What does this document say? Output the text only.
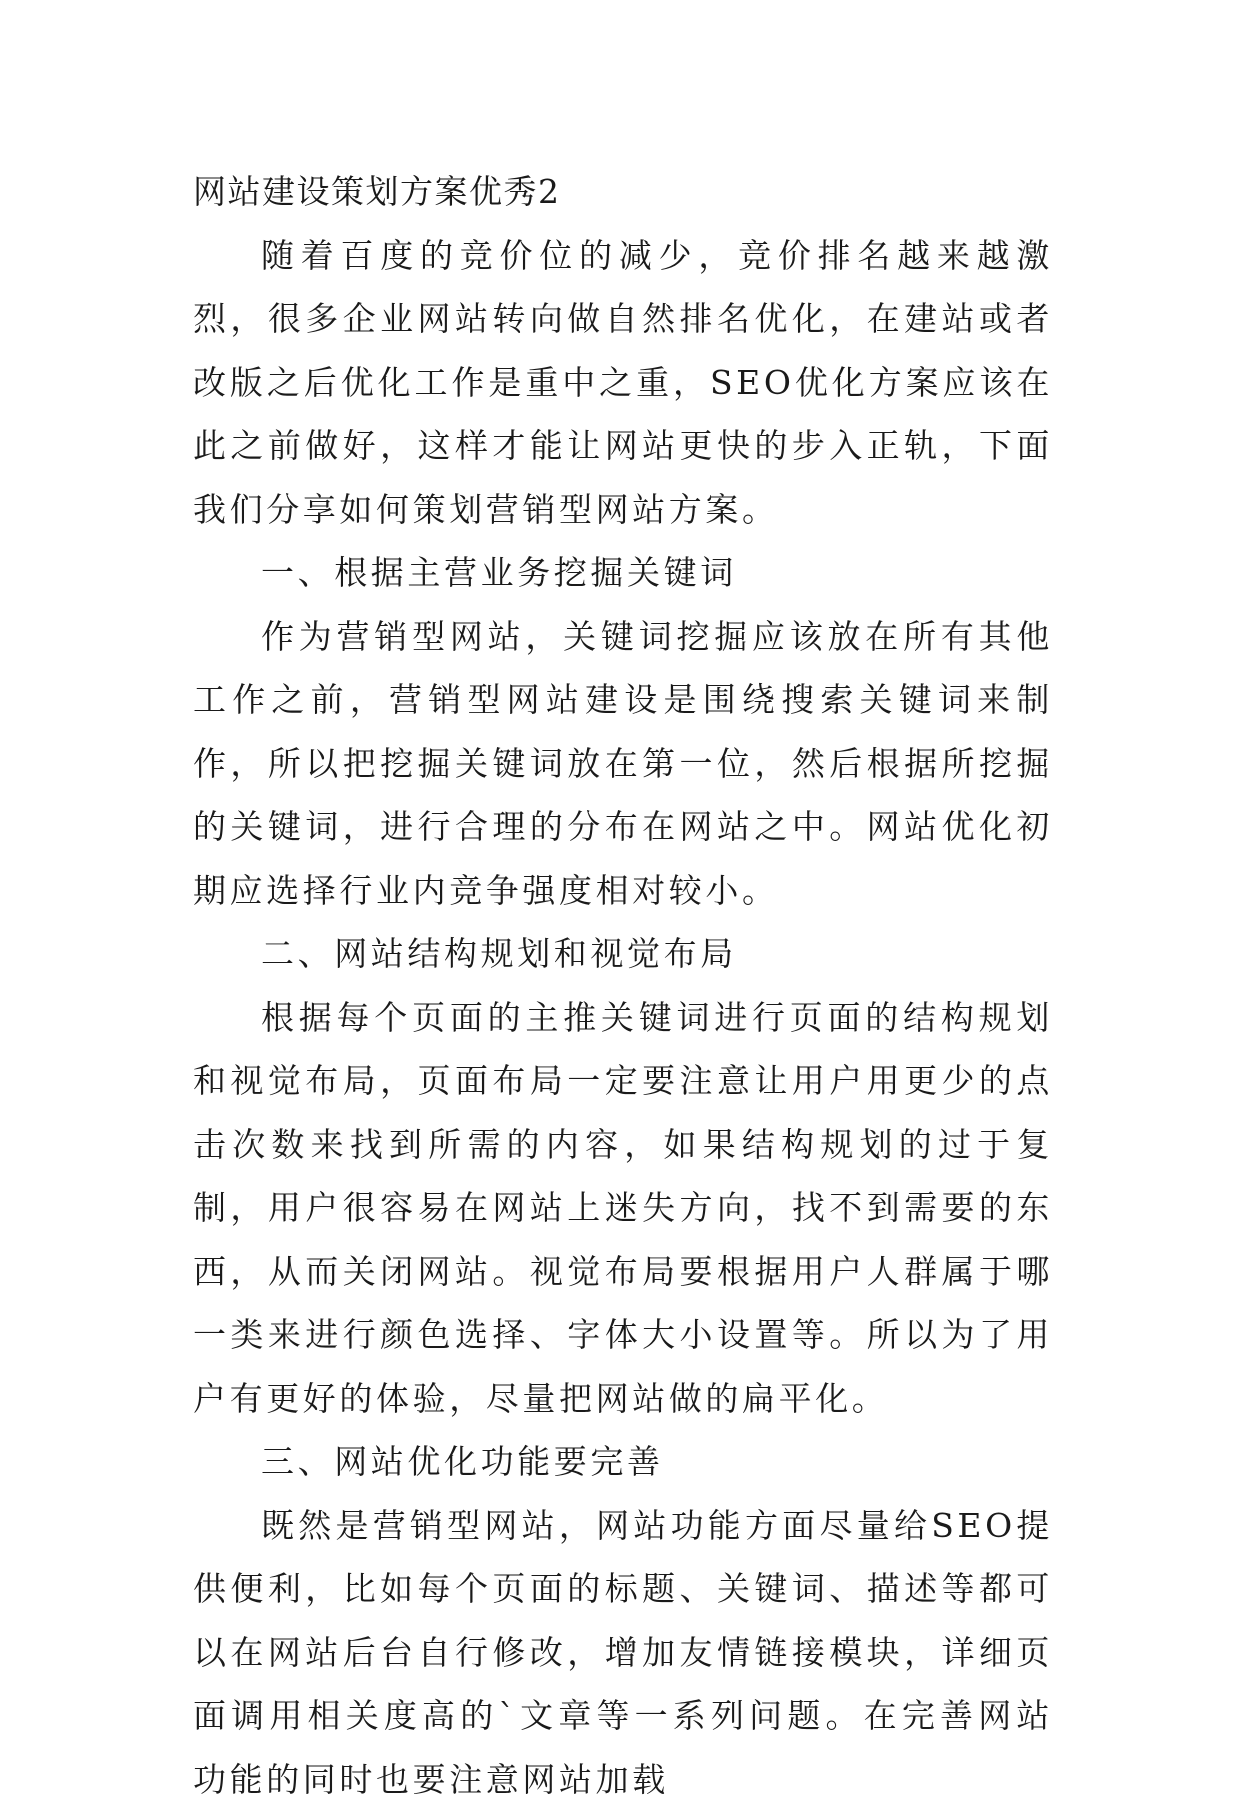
网站建设策划方案优秀2

随着百度的竞价位的减少，竞价排名越来越激烈，很多企业网站转向做自然排名优化，在建站或者改版之后优化工作是重中之重，SEO优化方案应该在此之前做好，这样才能让网站更快的步入正轨，下面我们分享如何策划营销型网站方案。

一、根据主营业务挖掘关键词

作为营销型网站，关键词挖掘应该放在所有其他工作之前，营销型网站建设是围绕搜索关键词来制作，所以把挖掘关键词放在第一位，然后根据所挖掘的关键词，进行合理的分布在网站之中。网站优化初期应选择行业内竞争强度相对较小。

二、网站结构规划和视觉布局

根据每个页面的主推关键词进行页面的结构规划和视觉布局，页面布局一定要注意让用户用更少的点击次数来找到所需的内容，如果结构规划的过于复制，用户很容易在网站上迷失方向，找不到需要的东西，从而关闭网站。视觉布局要根据用户人群属于哪一类来进行颜色选择、字体大小设置等。所以为了用户有更好的体验，尽量把网站做的扁平化。

三、网站优化功能要完善

既然是营销型网站，网站功能方面尽量给SEO提供便利，比如每个页面的标题、关键词、描述等都可以在网站后台自行修改，增加友情链接模块，详细页面调用相关度高的`文章等一系列问题。在完善网站功能的同时也要注意网站加载
